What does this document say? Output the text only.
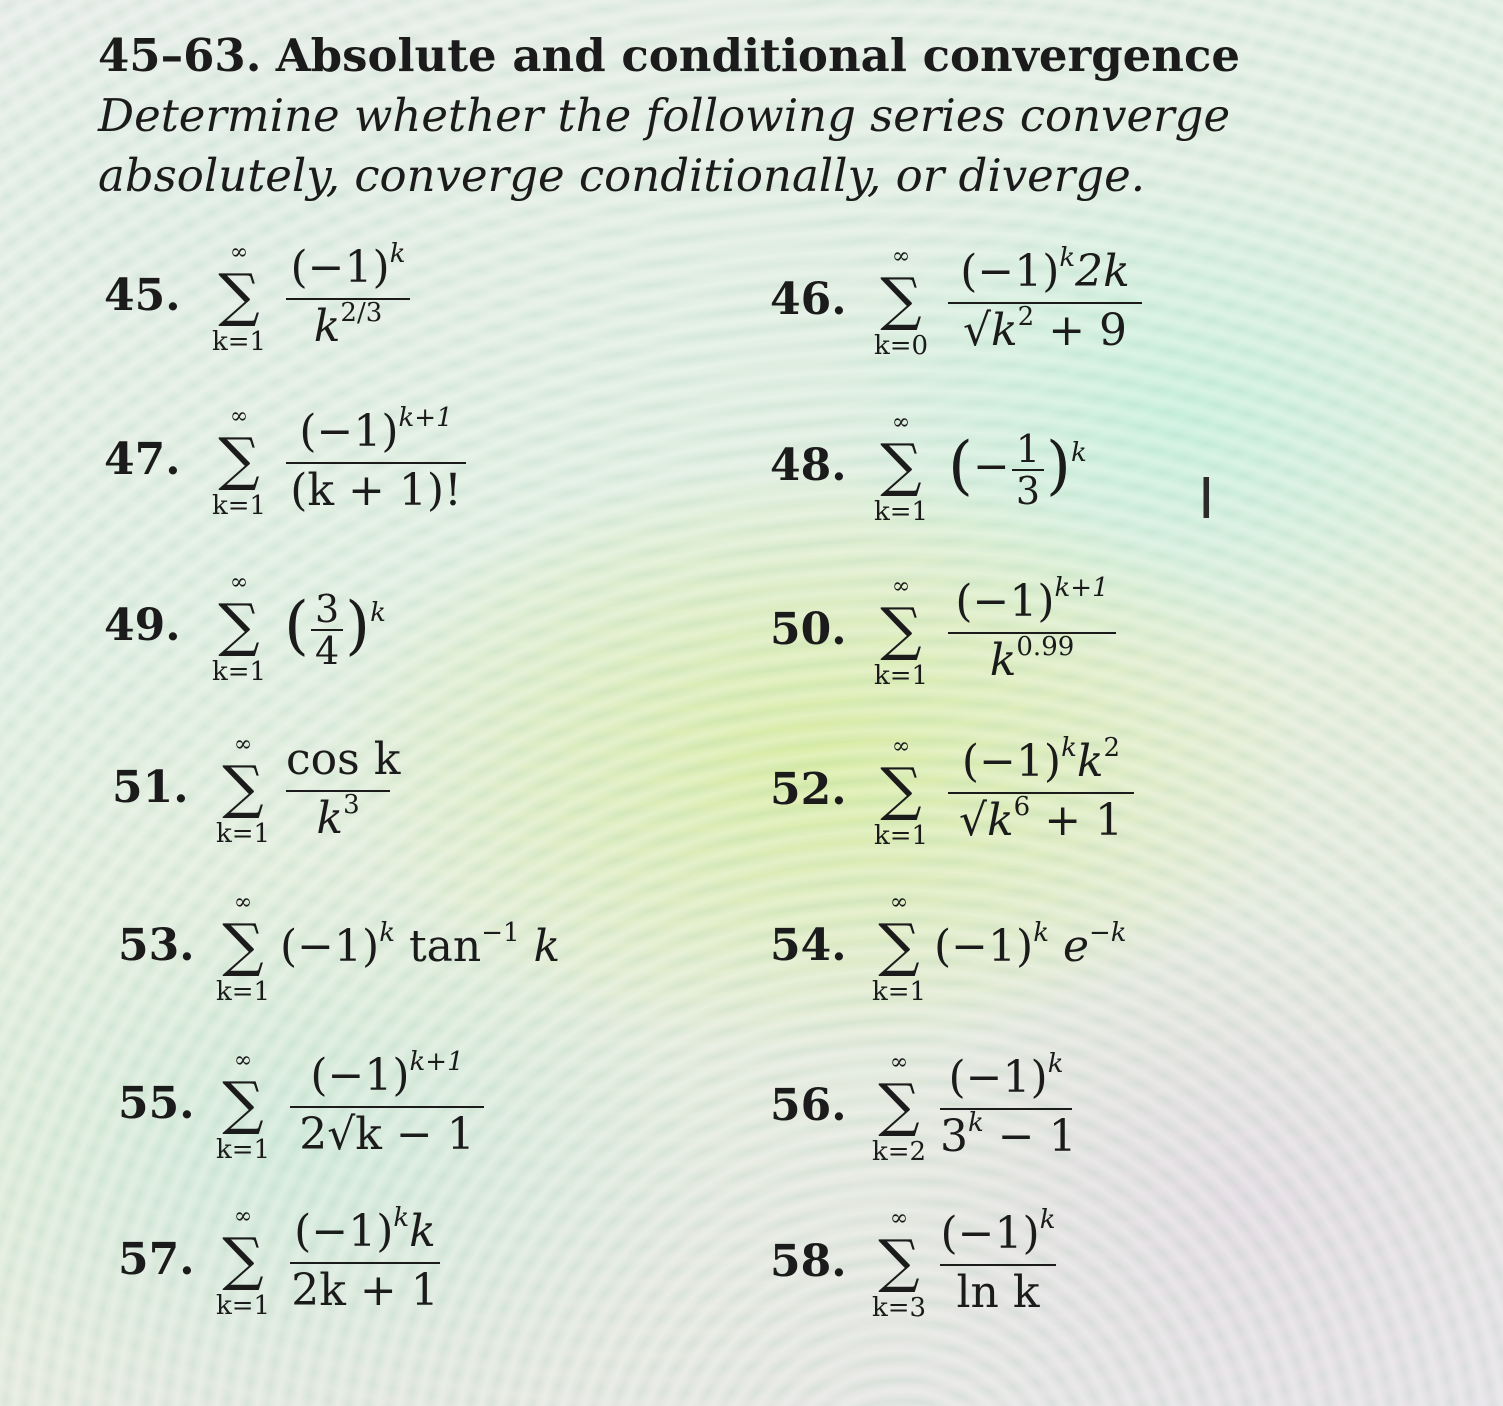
45–63. Absolute and conditional convergence Determine whether the following series converge absolutely, converge conditionally, or diverge.
45.
∞
∑
k=1
$(-1)^k$
$k^{2/3}$	46.
∞
∑
k=0
$(-1)^k2k$
$√k^2 + 9$
47.
∞
∑
k=1
$(-1)^{k+1}$
(k + 1)!	48.
∞
∑
k=1
(− $\frac{1}{3} )^k$
49.
∞
∑
k=1
( $\frac{3}{4} )^k$	50.
∞
∑
k=1
$(-1)^{k+1}$
$k^{0.99}$
51.
∞
∑
k=1
cos k
$k^3$	52.
∞
∑
k=1
$(-1)^kk^2$
$√k^6 + 1$
53.
∞
∑
k=1
$(-1)^k$ $\tan^{-1} k$	54.
∞
∑
k=1
$(-1)^k$ $e^{-k}$
55.
∞
∑
k=1
$(-1)^{k+1}$
2√k − 1
56.
∞
∑
k=2
$(-1)^k$
$3^k - 1$
57.
∞
∑
k=1
$(-1)^kk$
2k + 1
58.
∞
∑
k=3
$(-1)^k$
ln k
I
